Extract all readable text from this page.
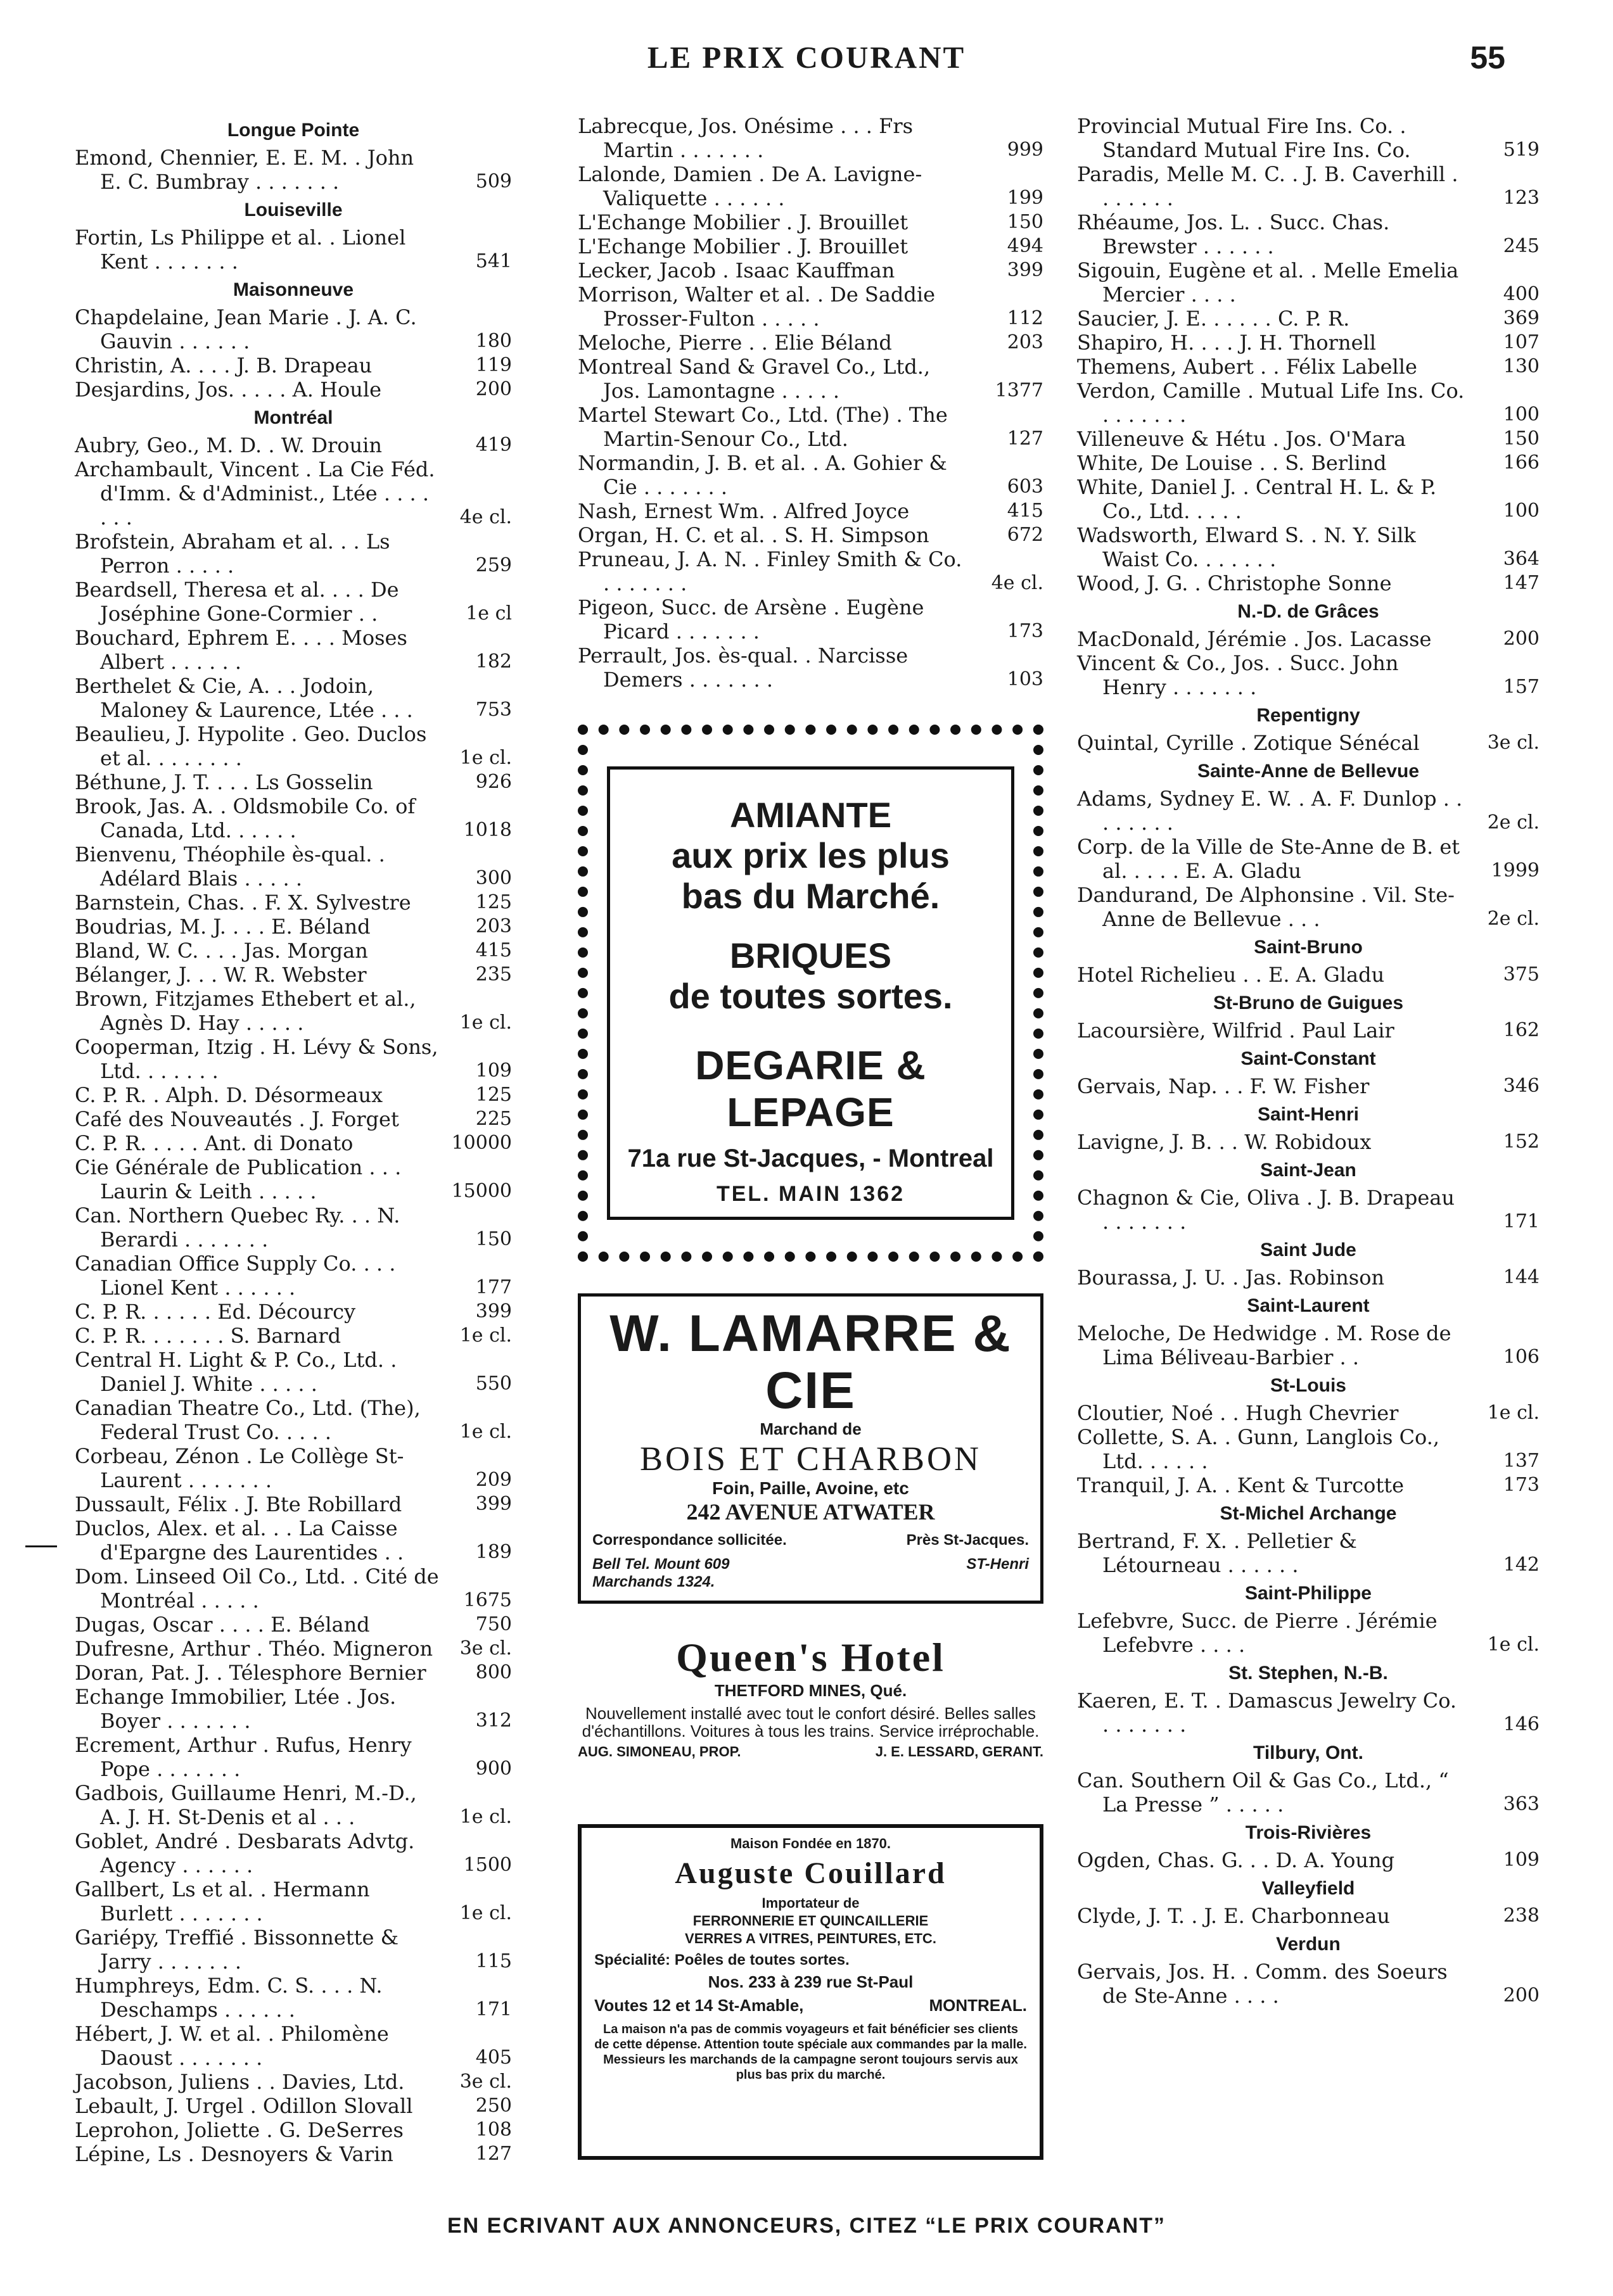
LE PRIX COURANT	55
Longue Pointe
Emond, Chennier, E. E. M. . John E. C. Bumbray . . . . . . .	509
Louiseville
Fortin, Ls Philippe et al. . Lionel Kent . . . . . . .	541
Maisonneuve
Chapdelaine, Jean Marie . J. A. C. Gauvin . . . . . .	180
Christin, A. . . . J. B. Drapeau	119
Desjardins, Jos. . . . . A. Houle	200
Montréal
Aubry, Geo., M. D. . W. Drouin	419
Archambault, Vincent . La Cie Féd. d'Imm. & d'Administ., Ltée . . . . . . .	4e cl.
Brofstein, Abraham et al. . . Ls Perron . . . . .	259
Beardsell, Theresa et al. . . . De Joséphine Gone-Cormier . .	1e cl
Bouchard, Ephrem E. . . . Moses Albert . . . . . .	182
Berthelet & Cie, A. . . Jodoin, Maloney & Laurence, Ltée . . .	753
Beaulieu, J. Hypolite . Geo. Duclos et al. . . . . . . .	1e cl.
Béthune, J. T. . . . Ls Gosselin	926
Brook, Jas. A. . Oldsmobile Co. of Canada, Ltd. . . . . .	1018
Bienvenu, Théophile ès-qual. . Adélard Blais . . . . .	300
Barnstein, Chas. . F. X. Sylvestre	125
Boudrias, M. J. . . . E. Béland	203
Bland, W. C. . . . Jas. Morgan	415
Bélanger, J. . . W. R. Webster	235
Brown, Fitzjames Ethebert et al., Agnès D. Hay . . . . .	1e cl.
Cooperman, Itzig . H. Lévy & Sons, Ltd. . . . . . .	109
C. P. R. . Alph. D. Désormeaux	125
Café des Nouveautés . J. Forget	225
C. P. R. . . . . Ant. di Donato	10000
Cie Générale de Publication . . . Laurin & Leith . . . . .	15000
Can. Northern Quebec Ry. . . N. Berardi . . . . . . .	150
Canadian Office Supply Co. . . . Lionel Kent . . . . . .	177
C. P. R. . . . . . Ed. Décourcy	399
C. P. R. . . . . . . S. Barnard	1e cl.
Central H. Light & P. Co., Ltd. . Daniel J. White . . . . .	550
Canadian Theatre Co., Ltd. (The), Federal Trust Co. . . . .	1e cl.
Corbeau, Zénon . Le Collège St-Laurent . . . . . . .	209
Dussault, Félix . J. Bte Robillard	399
Duclos, Alex. et al. . . La Caisse d'Epargne des Laurentides . .	189
Dom. Linseed Oil Co., Ltd. . Cité de Montréal . . . . .	1675
Dugas, Oscar . . . . E. Béland	750
Dufresne, Arthur . Théo. Migneron	3e cl.
Doran, Pat. J. . Télesphore Bernier	800
Echange Immobilier, Ltée . Jos. Boyer . . . . . . .	312
Ecrement, Arthur . Rufus, Henry Pope . . . . . . .	900
Gadbois, Guillaume Henri, M.-D., A. J. H. St-Denis et al . . .	1e cl.
Goblet, André . Desbarats Advtg. Agency . . . . . .	1500
Gallbert, Ls et al. . Hermann Burlett . . . . . . .	1e cl.
Gariépy, Treffié . Bissonnette & Jarry . . . . . . .	115
Humphreys, Edm. C. S. . . . N. Deschamps . . . . . .	171
Hébert, J. W. et al. . Philomène Daoust . . . . . . .	405
Jacobson, Juliens . . Davies, Ltd.	3e cl.
Lebault, J. Urgel . Odillon Slovall	250
Leprohon, Joliette . G. DeSerres	108
Lépine, Ls . Desnoyers & Varin	127
Labrecque, Jos. Onésime . . . Frs Martin . . . . . . .	999
Lalonde, Damien . De A. Lavigne-Valiquette . . . . . .	199
L'Echange Mobilier . J. Brouillet	150
L'Echange Mobilier . J. Brouillet	494
Lecker, Jacob . Isaac Kauffman	399
Morrison, Walter et al. . De Saddie Prosser-Fulton . . . . .	112
Meloche, Pierre . . Elie Béland	203
Montreal Sand & Gravel Co., Ltd., Jos. Lamontagne . . . . .	1377
Martel Stewart Co., Ltd. (The) . The Martin-Senour Co., Ltd.	127
Normandin, J. B. et al. . A. Gohier & Cie . . . . . . .	603
Nash, Ernest Wm. . Alfred Joyce	415
Organ, H. C. et al. . S. H. Simpson	672
Pruneau, J. A. N. . Finley Smith & Co. . . . . . . .	4e cl.
Pigeon, Succ. de Arsène . Eugène Picard . . . . . . .	173
Perrault, Jos. ès-qual. . Narcisse Demers . . . . . . .	103
Provincial Mutual Fire Ins. Co. . Standard Mutual Fire Ins. Co.	519
Paradis, Melle M. C. . J. B. Caverhill . . . . . . .	123
Rhéaume, Jos. L. . Succ. Chas. Brewster . . . . . .	245
Sigouin, Eugène et al. . Melle Emelia Mercier . . . .	400
Saucier, J. E. . . . . . C. P. R.	369
Shapiro, H. . . . J. H. Thornell	107
Themens, Aubert . . Félix Labelle	130
Verdon, Camille . Mutual Life Ins. Co. . . . . . . .	100
Villeneuve & Hétu . Jos. O'Mara	150
White, De Louise . . S. Berlind	166
White, Daniel J. . Central H. L. & P. Co., Ltd. . . . .	100
Wadsworth, Elward S. . N. Y. Silk Waist Co. . . . . . .	364
Wood, J. G. . Christophe Sonne	147
N.-D. de Grâces
MacDonald, Jérémie . Jos. Lacasse	200
Vincent & Co., Jos. . Succ. John Henry . . . . . . .	157
Repentigny
Quintal, Cyrille . Zotique Sénécal	3e cl.
Sainte-Anne de Bellevue
Adams, Sydney E. W. . A. F. Dunlop . . . . . . . .	2e cl.
Corp. de la Ville de Ste-Anne de B. et al. . . . . E. A. Gladu	1999
Dandurand, De Alphonsine . Vil. Ste-Anne de Bellevue . . .	2e cl.
Saint-Bruno
Hotel Richelieu . . E. A. Gladu	375
St-Bruno de Guigues
Lacoursière, Wilfrid . Paul Lair	162
Saint-Constant
Gervais, Nap. . . F. W. Fisher	346
Saint-Henri
Lavigne, J. B. . . W. Robidoux	152
Saint-Jean
Chagnon & Cie, Oliva . J. B. Drapeau . . . . . . .	171
Saint Jude
Bourassa, J. U. . Jas. Robinson	144
Saint-Laurent
Meloche, De Hedwidge . M. Rose de Lima Béliveau-Barbier . .	106
St-Louis
Cloutier, Noé . . Hugh Chevrier	1e cl.
Collette, S. A. . Gunn, Langlois Co., Ltd. . . . . .	137
Tranquil, J. A. . Kent & Turcotte	173
St-Michel Archange
Bertrand, F. X. . Pelletier & Létourneau . . . . . .	142
Saint-Philippe
Lefebvre, Succ. de Pierre . Jérémie Lefebvre . . . .	1e cl.
St. Stephen, N.-B.
Kaeren, E. T. . Damascus Jewelry Co. . . . . . . .	146
Tilbury, Ont.
Can. Southern Oil & Gas Co., Ltd., “ La Presse ” . . . . .	363
Trois-Rivières
Ogden, Chas. G. . . D. A. Young	109
Valleyfield
Clyde, J. T. . J. E. Charbonneau	238
Verdun
Gervais, Jos. H. . Comm. des Soeurs de Ste-Anne . . . .	200
AMIANTE
aux prix les plus
bas du Marché.
BRIQUES
de toutes sortes.
DEGARIE & LEPAGE
71a rue St-Jacques, - Montreal
TEL. MAIN 1362
W. LAMARRE & CIE
Marchand de
BOIS ET CHARBON
Foin, Paille, Avoine, etc
242 AVENUE ATWATER
Correspondance sollicitée.	Près St-Jacques.
Bell Tel. Mount 609	ST-Henri
Marchands 1324.
Queen's Hotel
THETFORD MINES, Qué.
Nouvellement installé avec tout le confort désiré. Belles salles d'échantillons. Voitures à tous les trains. Service irréprochable.
AUG. SIMONEAU, PROP.	J. E. LESSARD, GERANT.
Maison Fondée en 1870.
Auguste Couillard
Importateur de
FERRONNERIE ET QUINCAILLERIE
VERRES A VITRES, PEINTURES, ETC.
Spécialité: Poêles de toutes sortes.
Nos. 233 à 239 rue St-Paul
Voutes 12 et 14 St-Amable,	MONTREAL.
La maison n'a pas de commis voyageurs et fait bénéficier ses clients de cette dépense. Attention toute spéciale aux commandes par la malle. Messieurs les marchands de la campagne seront toujours servis aux plus bas prix du marché.
EN ECRIVANT AUX ANNONCEURS, CITEZ “LE PRIX COURANT”
